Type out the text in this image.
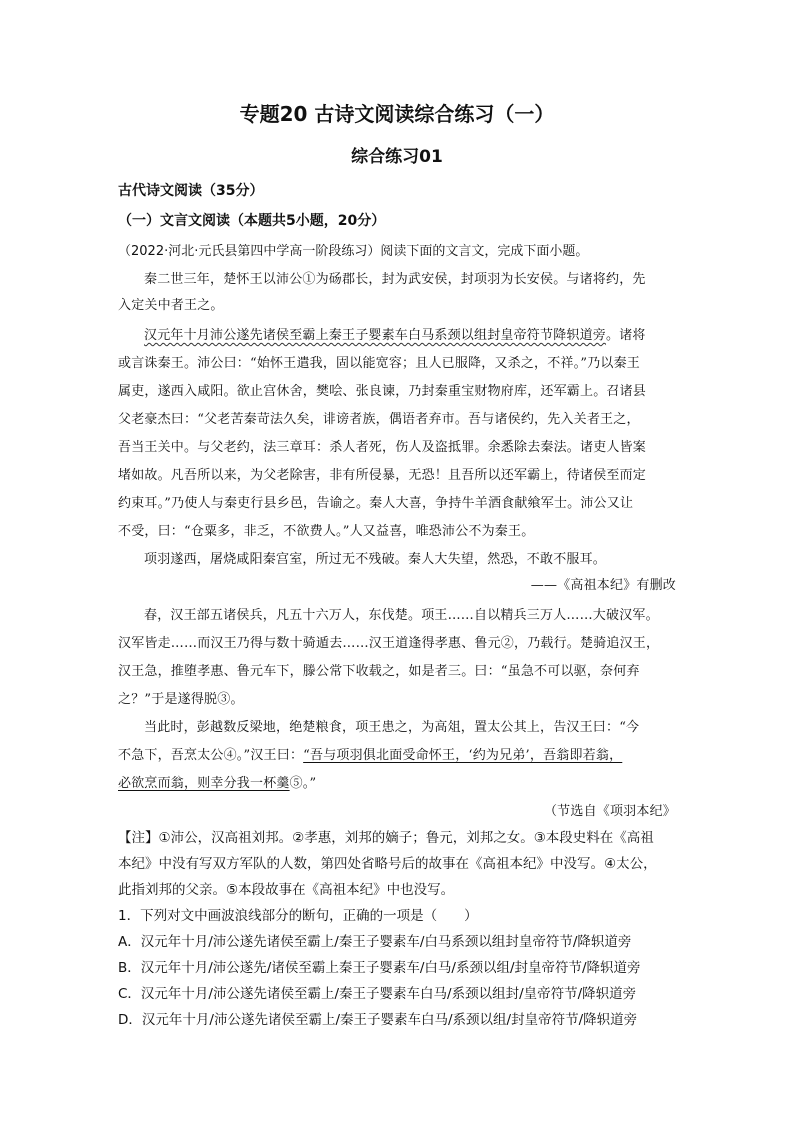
专题20 古诗文阅读综合练习（一）
综合练习01
古代诗文阅读（35分）
（一）文言文阅读（本题共5小题，20分）
（2022·河北·元氏县第四中学高一阶段练习）阅读下面的文言文，完成下面小题。
秦二世三年，楚怀王以沛公①为砀郡长，封为武安侯，封项羽为长安侯。与诸将约，先
入定关中者王之。
汉元年十月沛公遂先诸侯至霸上秦王子婴素车白马系颈以组封皇帝符节降轵道旁。诸将
或言诛秦王。沛公曰：“始怀王遣我，固以能宽容；且人已服降，又杀之，不祥。”乃以秦王
属吏，遂西入咸阳。欲止宫休舍，樊哙、张良谏，乃封秦重宝财物府库，还军霸上。召诸县
父老豪杰曰：“父老苦秦苛法久矣，诽谤者族，偶语者弃市。吾与诸侯约，先入关者王之，
吾当王关中。与父老约，法三章耳：杀人者死，伤人及盗抵罪。余悉除去秦法。诸吏人皆案
堵如故。凡吾所以来，为父老除害，非有所侵暴，无恐！且吾所以还军霸上，待诸侯至而定
约束耳。”乃使人与秦吏行县乡邑，告谕之。秦人大喜，争持牛羊酒食献飨军士。沛公又让
不受，曰：“仓粟多，非乏，不欲费人。”人又益喜，唯恐沛公不为秦王。
项羽遂西，屠烧咸阳秦宫室，所过无不残破。秦人大失望，然恐，不敢不服耳。
——《高祖本纪》有删改
春，汉王部五诸侯兵，凡五十六万人，东伐楚。项王……自以精兵三万人……大破汉军。
汉军皆走……而汉王乃得与数十骑遁去……汉王道逢得孝惠、鲁元②，乃载行。楚骑追汉王，
汉王急，推堕孝惠、鲁元车下，滕公常下收载之，如是者三。曰：“虽急不可以驱，奈何弃
之？”于是遂得脱③。
当此时，彭越数反梁地，绝楚粮食，项王患之，为高俎，置太公其上，告汉王曰：“今
不急下，吾烹太公④。”汉王曰：“吾与项羽俱北面受命怀王，‘约为兄弟’，吾翁即若翁，
必欲烹而翁，则幸分我一杯羹⑤。”
（节选自《项羽本纪》
【注】①沛公，汉高祖刘邦。②孝惠，刘邦的嫡子；鲁元，刘邦之女。③本段史料在《高祖
本纪》中没有写双方军队的人数，第四处省略号后的故事在《高祖本纪》中没写。④太公，
此指刘邦的父亲。⑤本段故事在《高祖本纪》中也没写。
1．下列对文中画波浪线部分的断句，正确的一项是（　　）
A．汉元年十月/沛公遂先诸侯至霸上/秦王子婴素车/白马系颈以组封皇帝符节/降轵道旁
B．汉元年十月/沛公遂先/诸侯至霸上秦王子婴素车/白马/系颈以组/封皇帝符节/降轵道旁
C．汉元年十月/沛公遂先诸侯至霸上/秦王子婴素车白马/系颈以组封/皇帝符节/降轵道旁
D．汉元年十月/沛公遂先诸侯至霸上/秦王子婴素车白马/系颈以组/封皇帝符节/降轵道旁
